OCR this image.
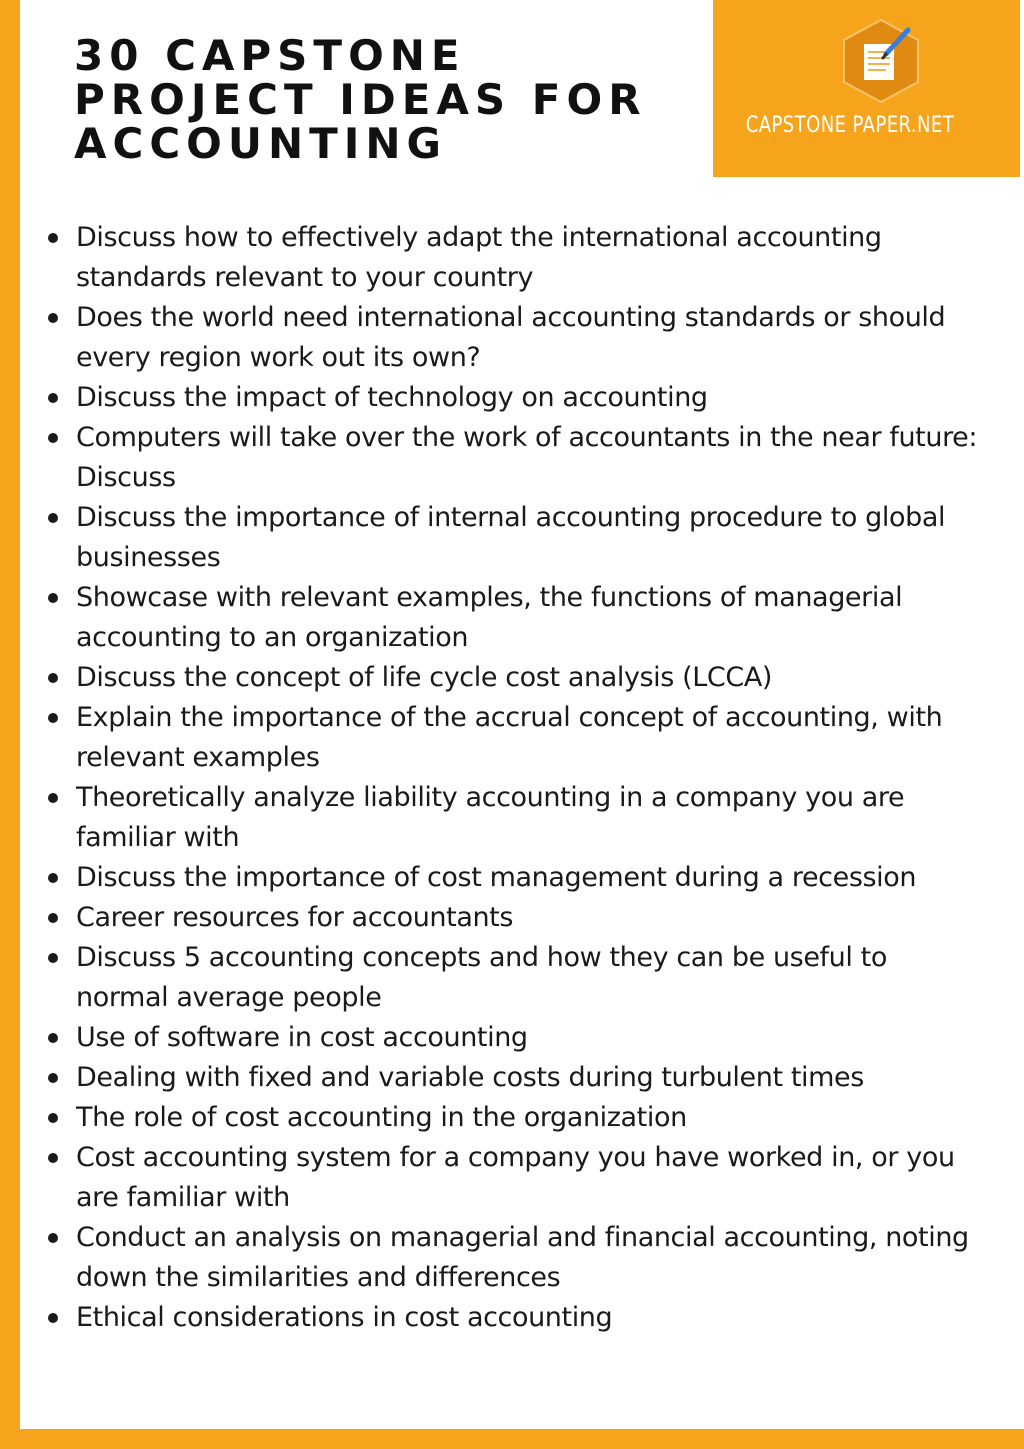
30 CAPSTONE PROJECT IDEAS FOR ACCOUNTING	CAPSTONE PAPER.NET
Discuss how to effectively adapt the international accounting standards relevant to your country
Does the world need international accounting standards or should every region work out its own?
Discuss the impact of technology on accounting
Computers will take over the work of accountants in the near future: Discuss
Discuss the importance of internal accounting procedure to global businesses
Showcase with relevant examples, the functions of managerial accounting to an organization
Discuss the concept of life cycle cost analysis (LCCA)
Explain the importance of the accrual concept of accounting, with relevant examples
Theoretically analyze liability accounting in a company you are familiar with
Discuss the importance of cost management during a recession
Career resources for accountants
Discuss 5 accounting concepts and how they can be useful to normal average people
Use of software in cost accounting
Dealing with fixed and variable costs during turbulent times
The role of cost accounting in the organization
Cost accounting system for a company you have worked in, or you are familiar with
Conduct an analysis on managerial and financial accounting, noting down the similarities and differences
Ethical considerations in cost accounting
